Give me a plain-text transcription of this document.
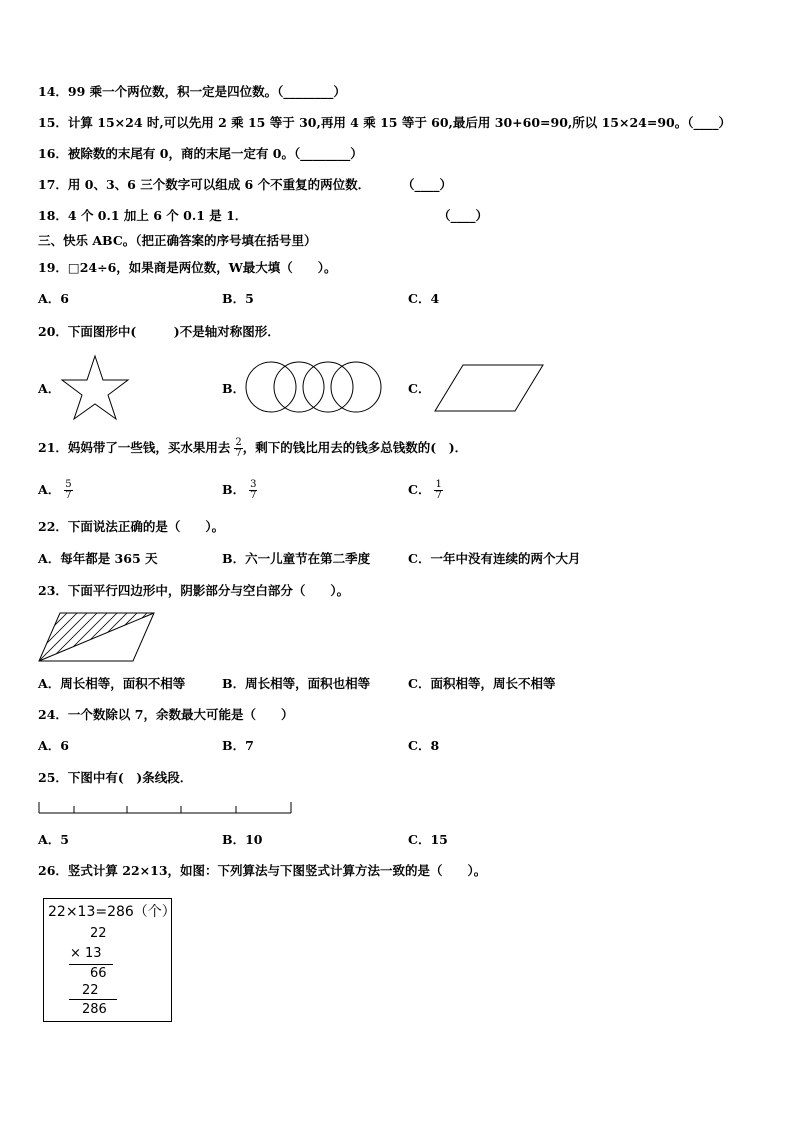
14．99 乘一个两位数，积一定是四位数。（________）
15．计算 15×24 时,可以先用 2 乘 15 等于 30,再用 4 乘 15 等于 60,最后用 30+60=90,所以 15×24=90。
（____）
16．被除数的末尾有 0，商的末尾一定有 0。（________）
17．用 0、3、6 三个数字可以组成 6 个不重复的两位数．	（____）
18．4 个 0.1 加上 6 个 0.1 是 1．	（____）
三、快乐 ABC。（把正确答案的序号填在括号里）
19．□24÷6，如果商是两位数，W最大填（　　）。
A．6	B．5	C．4
20．下面图形中(　　　)不是轴对称图形．
A．	B．	C．
21．妈妈带了一些钱，买水果用去 $\frac{2}{7}$ ，剩下的钱比用去的钱多总钱数的(　)．
A． $\frac{5}{7}$	B． $\frac{3}{7}$	C． $\frac{1}{7}$
22．下面说法正确的是（　　）。
A．每年都是 365 天	B．六一儿童节在第二季度	C．一年中没有连续的两个大月
23．下面平行四边形中，阴影部分与空白部分（　　）。
A．周长相等，面积不相等	B．周长相等，面积也相等	C．面积相等，周长不相等
24．一个数除以 7，余数最大可能是（　　）
A．6	B．7	C．8
25．下图中有(　)条线段．
A．5	B．10	C．15
26．竖式计算 22×13，如图：下列算法与下图竖式计算方法一致的是（　　）。
22×13=286（个）
22
× 13
66
22
286
